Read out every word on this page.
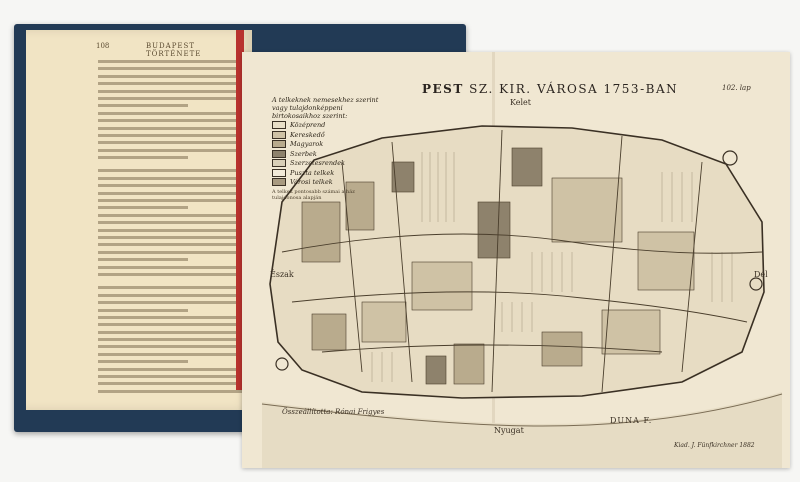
108	BUDAPEST TÖRTÉNETE
PEST SZ. KIR. VÁROSA 1753-BAN	102. lap
Kelet
Észak	Dél
Nyugat
DUNA F.
Összeállította: Rónai Frigyes
Kiad. J. Fünfkirchner 1882
A telkeknek nemesekhez szerint vagy tulajdonképpeni birtokosaikhoz szerint:
Középrend
Kereskedő
Magyarok
Szerbek
Szerzetesrendek
Puszta telkek
Városi telkek
A telkek pontosabb számai a ház tulajdonosa alapján
